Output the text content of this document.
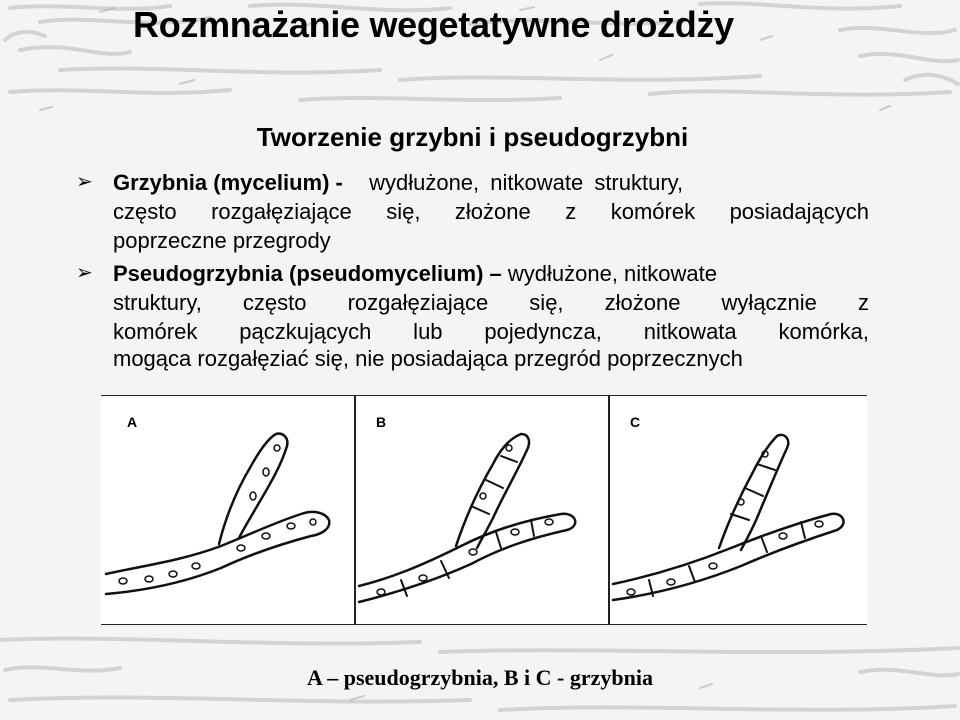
Rozmnażanie wegetatywne drożdży
Tworzenie grzybni i pseudogrzybni
➢ Grzybnia (mycelium) - wydłużone, nitkowate struktury,
często rozgałęziające się, złożone z komórek posiadających
poprzeczne przegrody
➢ Pseudogrzybnia (pseudomycelium) – wydłużone, nitkowate
struktury, często rozgałęziające się, złożone wyłącznie z
komórek pączkujących lub pojedyncza, nitkowata komórka,
mogąca rozgałęziać się, nie posiadająca przegród poprzecznych
A	B	C
A – pseudogrzybnia, B i C - grzybnia
